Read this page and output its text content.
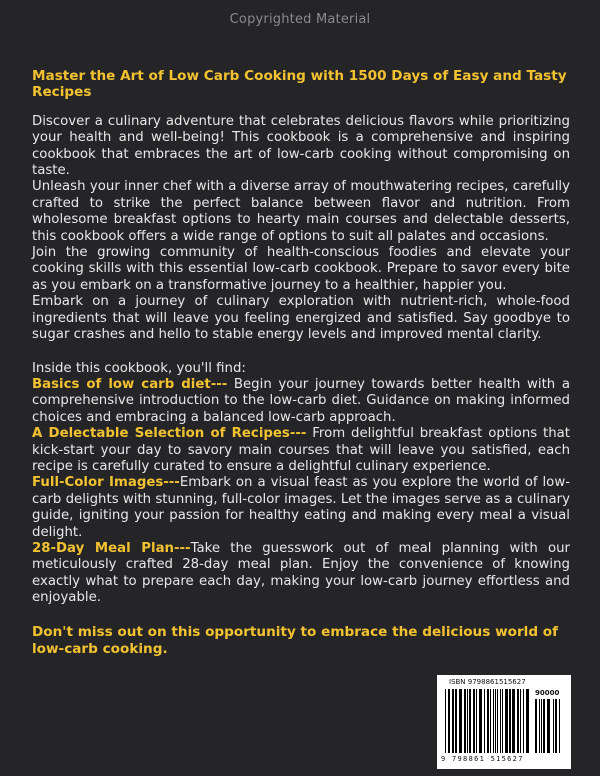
Copyrighted Material
Master the Art of Low Carb Cooking with 1500 Days of Easy and Tasty Recipes

Discover a culinary adventure that celebrates delicious flavors while prioritizing your health and well-being! This cookbook is a comprehensive and inspiring cookbook that embraces the art of low-carb cooking without compromising on taste.

Unleash your inner chef with a diverse array of mouthwatering recipes, carefully crafted to strike the perfect balance between flavor and nutrition. From wholesome breakfast options to hearty main courses and delectable desserts, this cookbook offers a wide range of options to suit all palates and occasions.

Join the growing community of health-conscious foodies and elevate your cooking skills with this essential low-carb cookbook. Prepare to savor every bite as you embark on a transformative journey to a healthier, happier you.

Embark on a journey of culinary exploration with nutrient-rich, whole-food ingredients that will leave you feeling energized and satisfied. Say goodbye to sugar crashes and hello to stable energy levels and improved mental clarity.

Inside this cookbook, you'll find:

Basics of low carb diet--- Begin your journey towards better health with a comprehensive introduction to the low-carb diet. Guidance on making informed choices and embracing a balanced low-carb approach.

A Delectable Selection of Recipes--- From delightful breakfast options that kick-start your day to savory main courses that will leave you satisfied, each recipe is carefully curated to ensure a delightful culinary experience.

Full-Color Images---Embark on a visual feast as you explore the world of low-carb delights with stunning, full-color images. Let the images serve as a culinary guide, igniting your passion for healthy eating and making every meal a visual delight.

28-Day Meal Plan---Take the guesswork out of meal planning with our meticulously crafted 28-day meal plan. Enjoy the convenience of knowing exactly what to prepare each day, making your low-carb journey effortless and enjoyable.

Don't miss out on this opportunity to embrace the delicious world of low-carb cooking.
ISBN 9798861515627
90000
9 798861 515627
